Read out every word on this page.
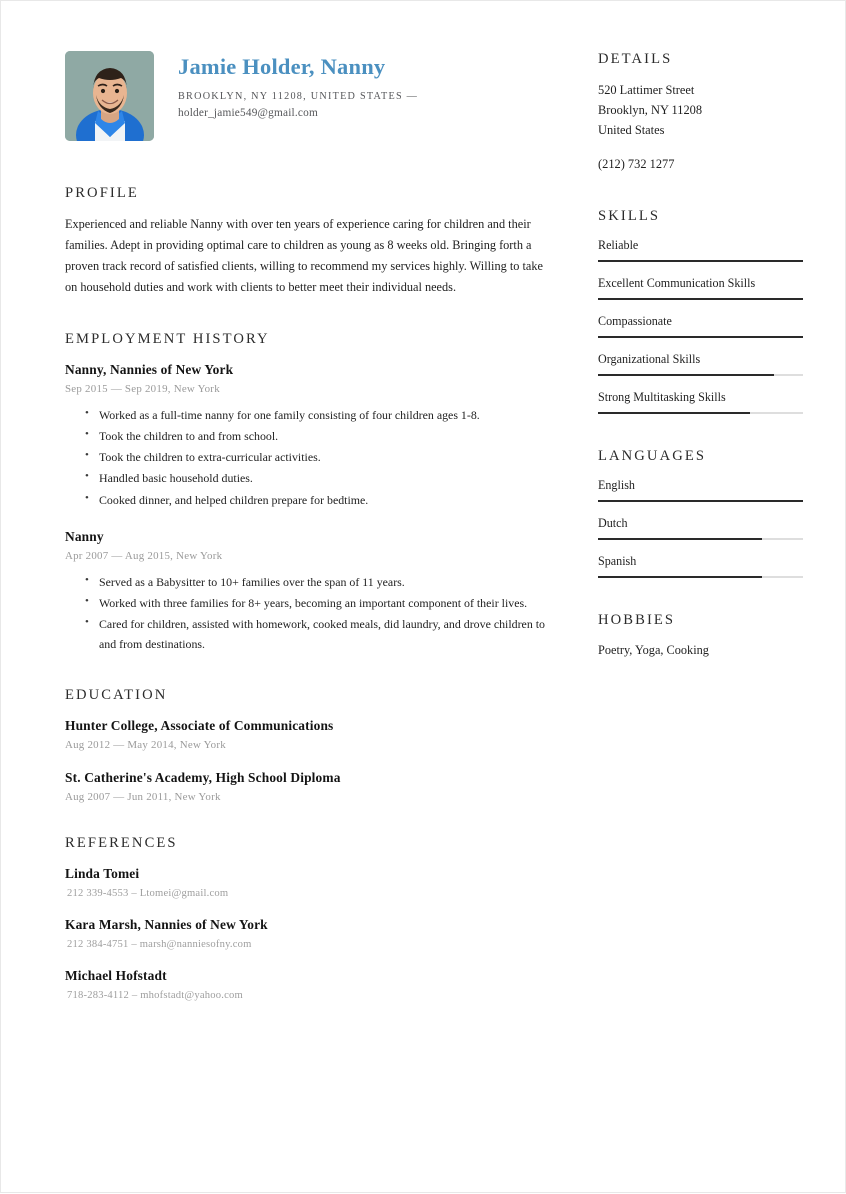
Jamie Holder, Nanny
BROOKLYN, NY 11208, UNITED STATES —
holder_jamie549@gmail.com
PROFILE

Experienced and reliable Nanny with over ten years of experience caring for children and their families. Adept in providing optimal care to children as young as 8 weeks old. Bringing forth a proven track record of satisfied clients, willing to recommend my services highly. Willing to take on household duties and work with clients to better meet their individual needs.

EMPLOYMENT HISTORY
Nanny, Nannies of New York
Sep 2015 — Sep 2019, New York
• Worked as a full-time nanny for one family consisting of four children ages 1-8.
• Took the children to and from school.
• Took the children to extra-curricular activities.
• Handled basic household duties.
• Cooked dinner, and helped children prepare for bedtime.
Nanny
Apr 2007 — Aug 2015, New York
• Served as a Babysitter to 10+ families over the span of 11 years.
• Worked with three families for 8+ years, becoming an important component of their lives.
• Cared for children, assisted with homework, cooked meals, did laundry, and drove children to and from destinations.
EDUCATION
Hunter College, Associate of Communications
Aug 2012 — May 2014, New York
St. Catherine's Academy, High School Diploma
Aug 2007 — Jun 2011, New York
REFERENCES
Linda Tomei
212 339-4553 – Ltomei@gmail.com
Kara Marsh, Nannies of New York
212 384-4751 – marsh@nanniesofny.com
Michael Hofstadt
718-283-4112 – mhofstadt@yahoo.com
DETAILS
520 Lattimer Street
Brooklyn, NY 11208
United States
(212) 732 1277
SKILLS
Reliable
Excellent Communication Skills
Compassionate
Organizational Skills
Strong Multitasking Skills
LANGUAGES
English
Dutch
Spanish
HOBBIES
Poetry, Yoga, Cooking
